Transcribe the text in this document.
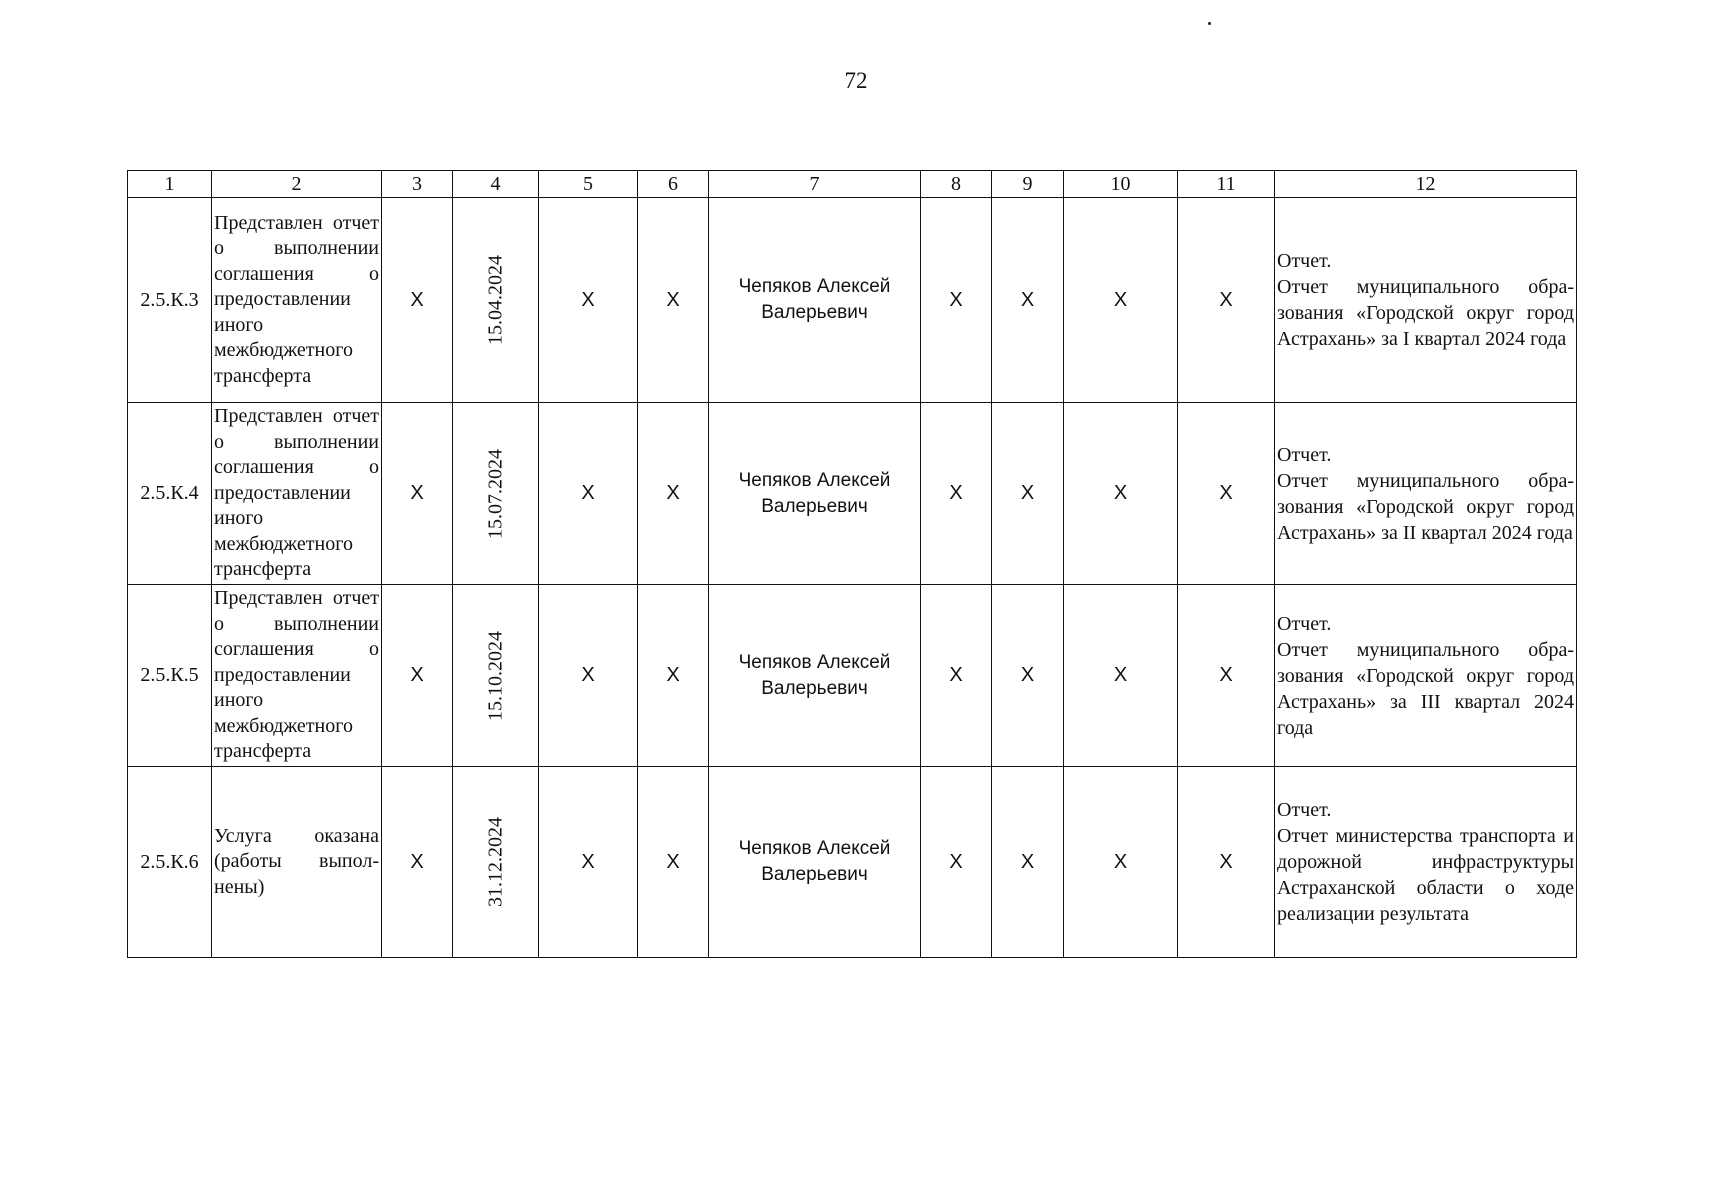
72
1	2	3	4	5	6	7	8	9	10	11	12
2.5.К.3	Представлен отчет о выполнении соглашения о предоставлении иного межбюджетного трансферта	X	15.04.2024	X	X	Чепяков Алексей Валерьевич	X	X	X	X	Отчет.
Отчет муниципального образования «Городской округ город Астрахань» за I квартал 2024 года
2.5.К.4	Представлен отчет о выполнении соглашения о предоставлении иного межбюджетного трансферта	X	15.07.2024	X	X	Чепяков Алексей Валерьевич	X	X	X	X	Отчет.
Отчет муниципального образования «Городской округ город Астрахань» за II квартал 2024 года
2.5.К.5	Представлен отчет о выполнении соглашения о предоставлении иного межбюджетного трансферта	X	15.10.2024	X	X	Чепяков Алексей Валерьевич	X	X	X	X	Отчет.
Отчет муниципального образования «Городской округ город Астрахань» за III квартал 2024 года
2.5.К.6	Услуга оказана (работы выполнены)	X	31.12.2024	X	X	Чепяков Алексей Валерьевич	X	X	X	X	Отчет.
Отчет министерства транспорта и дорожной инфраструктуры Астраханской области о ходе реализации результата
